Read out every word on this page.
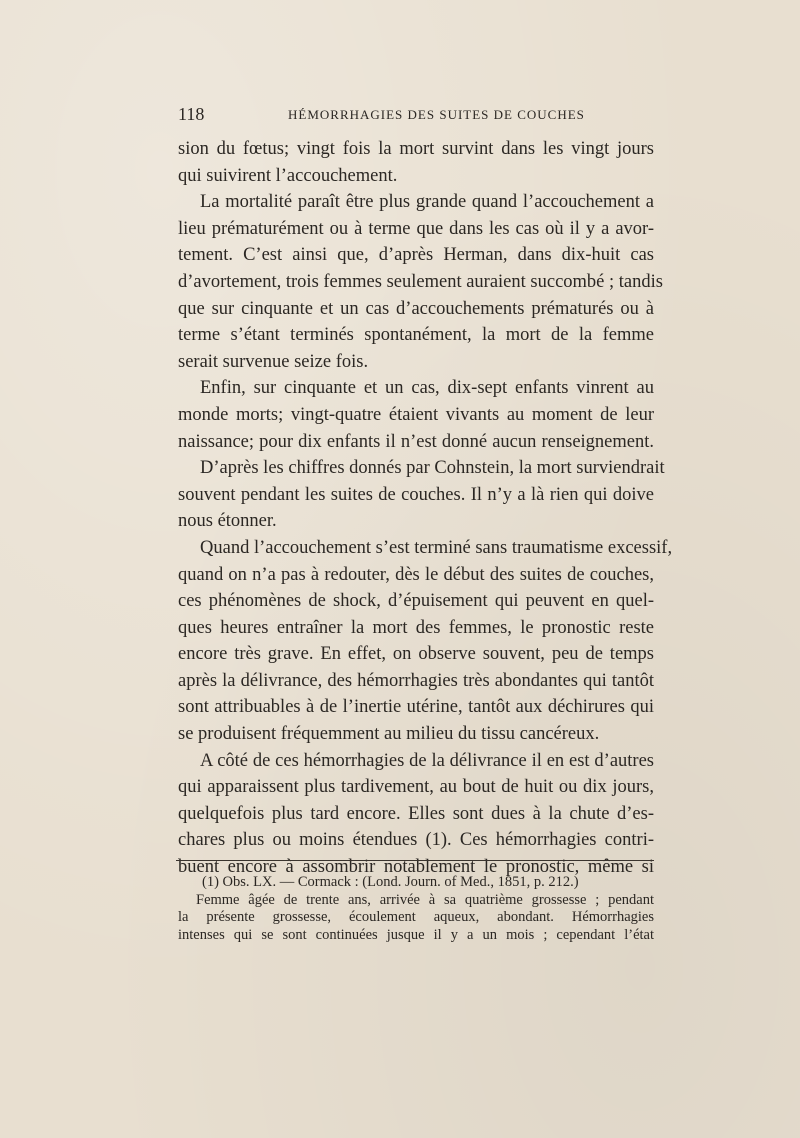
118	HÉMORRHAGIES DES SUITES DE COUCHES
sion du fœtus; vingt fois la mort survint dans les vingt jours
qui suivirent l’accouchement.
La mortalité paraît être plus grande quand l’accouchement a
lieu prématurément ou à terme que dans les cas où il y a avor-
tement. C’est ainsi que, d’après Herman, dans dix-huit cas
d’avortement, trois femmes seulement auraient succombé ; tandis
que sur cinquante et un cas d’accouchements prématurés ou à
terme s’étant terminés spontanément, la mort de la femme
serait survenue seize fois.
Enfin, sur cinquante et un cas, dix-sept enfants vinrent au
monde morts; vingt-quatre étaient vivants au moment de leur
naissance; pour dix enfants il n’est donné aucun renseignement.
D’après les chiffres donnés par Cohnstein, la mort surviendrait
souvent pendant les suites de couches. Il n’y a là rien qui doive
nous étonner.
Quand l’accouchement s’est terminé sans traumatisme excessif,
quand on n’a pas à redouter, dès le début des suites de couches,
ces phénomènes de shock, d’épuisement qui peuvent en quel-
ques heures entraîner la mort des femmes, le pronostic reste
encore très grave. En effet, on observe souvent, peu de temps
après la délivrance, des hémorrhagies très abondantes qui tantôt
sont attribuables à de l’inertie utérine, tantôt aux déchirures qui
se produisent fréquemment au milieu du tissu cancéreux.
A côté de ces hémorrhagies de la délivrance il en est d’autres
qui apparaissent plus tardivement, au bout de huit ou dix jours,
quelquefois plus tard encore. Elles sont dues à la chute d’es-
chares plus ou moins étendues (1). Ces hémorrhagies contri-
buent encore à assombrir notablement le pronostic, même si
(1) Obs. LX. — Cormack : (Lond. Journ. of Med., 1851, p. 212.)
Femme âgée de trente ans, arrivée à sa quatrième grossesse ; pendant
la présente grossesse, écoulement aqueux, abondant. Hémorrhagies
intenses qui se sont continuées jusque il y a un mois ; cependant l’état
